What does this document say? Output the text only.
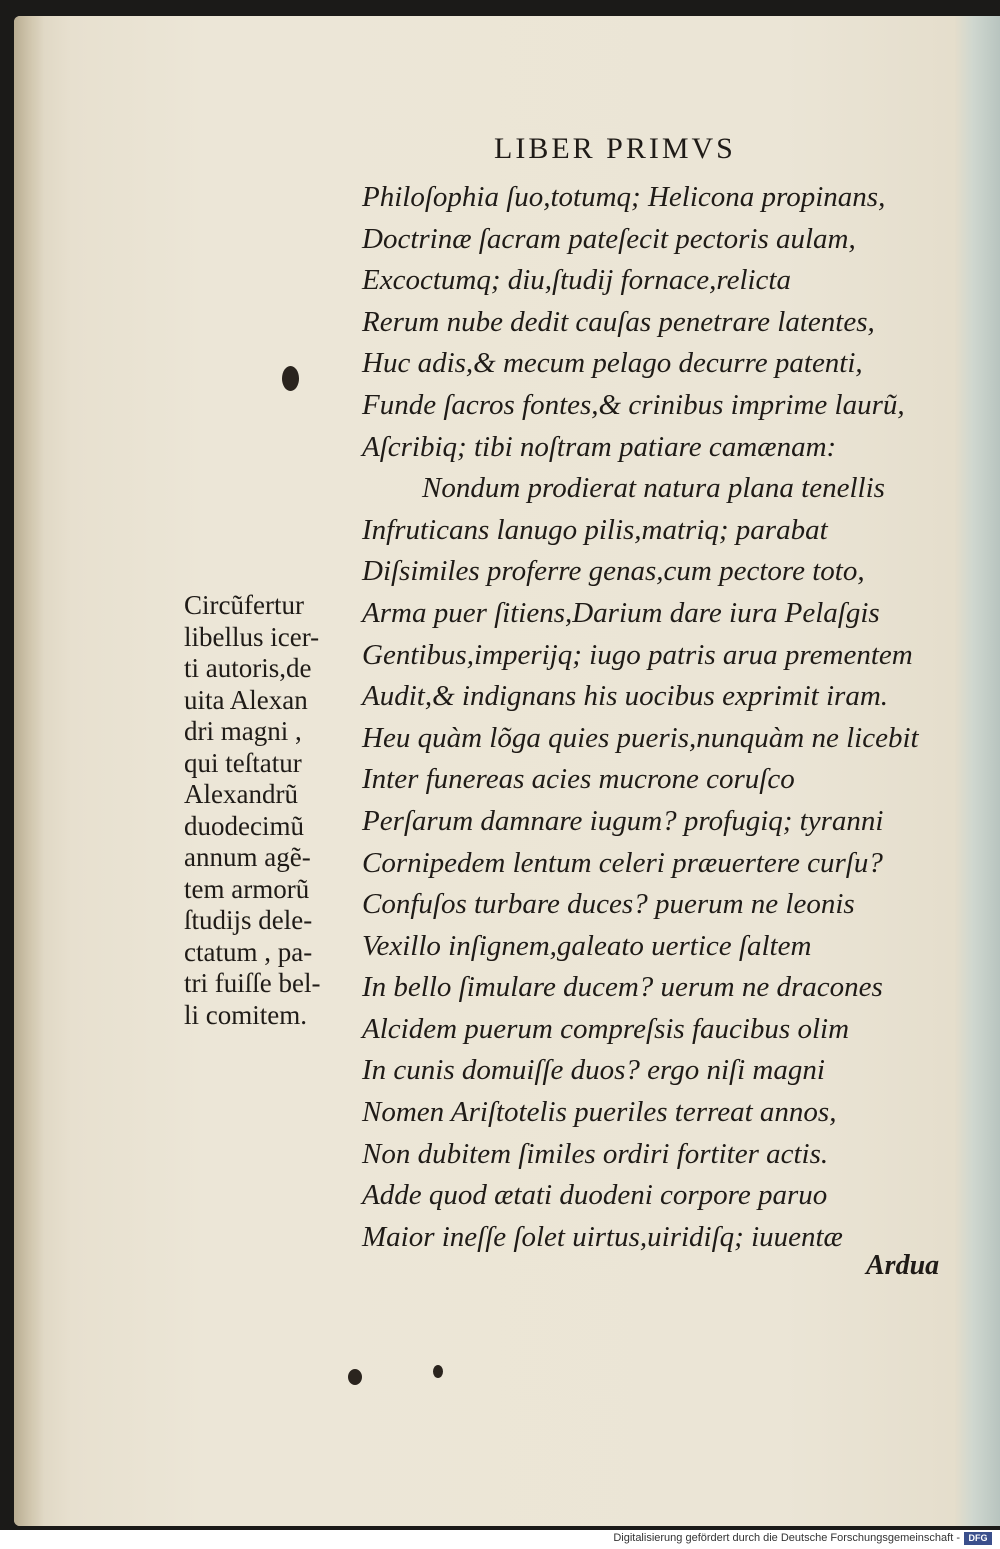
LIBER PRIMVS
Philoſophia ſuo,totumq; Helicona propinans,
Doctrinæ ſacram pateſecit pectoris aulam,
Excoctumq; diu,ſtudij fornace,relicta
Rerum nube dedit cauſas penetrare latentes,
Huc adis,& mecum pelago decurre patenti,
Funde ſacros fontes,& crinibus imprime laurũ,
Aſcribiq; tibi noſtram patiare camænam:
Nondum prodierat natura plana tenellis
Infruticans lanugo pilis,matriq; parabat
Diſsimiles proferre genas,cum pectore toto,
Arma puer ſitiens,Darium dare iura Pelaſgis
Gentibus,imperijq; iugo patris arua prementem
Audit,& indignans his uocibus exprimit iram.
Heu quàm lõga quies pueris,nunquàm ne licebit
Inter funereas acies mucrone coruſco
Perſarum damnare iugum? profugiq; tyranni
Cornipedem lentum celeri præuertere curſu?
Confuſos turbare duces? puerum ne leonis
Vexillo inſignem,galeato uertice ſaltem
In bello ſimulare ducem? uerum ne dracones
Alcidem puerum compreſsis faucibus olim
In cunis domuiſſe duos? ergo niſi magni
Nomen Ariſtotelis pueriles terreat annos,
Non dubitem ſimiles ordiri fortiter actis.
Adde quod ætati duodeni corpore paruo
Maior ineſſe ſolet uirtus,uiridiſq; iuuentæ
Circũfertur
libellus icer-
ti autoris,de
uita Alexan
dri magni ,
qui teſtatur
Alexandrũ
duodecimũ
annum agẽ-
tem armorũ
ſtudijs dele-
ctatum , pa-
tri fuiſſe bel-
li comitem.
Ardua
Digitalisierung gefördert durch die Deutsche Forschungsgemeinschaft - DFG
